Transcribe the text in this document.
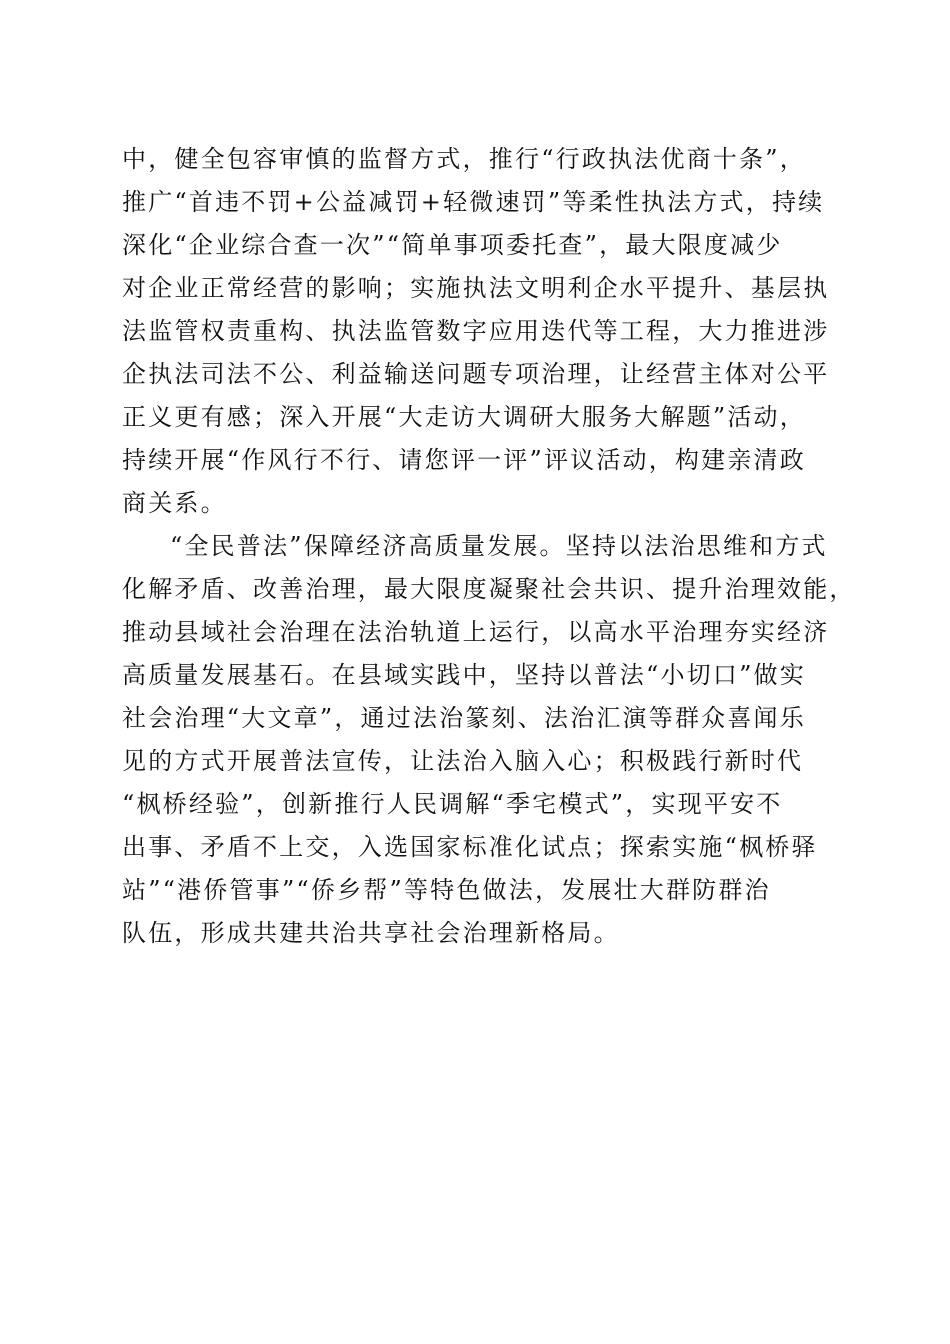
中，健全包容审慎的监督方式，推行“行政执法优商十条”，
推广“首违不罚+公益减罚+轻微速罚”等柔性执法方式，持续
深化“企业综合查一次”“简单事项委托查”，最大限度减少
对企业正常经营的影响；实施执法文明利企水平提升、基层执
法监管权责重构、执法监管数字应用迭代等工程，大力推进涉
企执法司法不公、利益输送问题专项治理，让经营主体对公平
正义更有感；深入开展“大走访大调研大服务大解题”活动，
持续开展“作风行不行、请您评一评”评议活动，构建亲清政
商关系。
“全民普法”保障经济高质量发展。坚持以法治思维和方式
化解矛盾、改善治理，最大限度凝聚社会共识、提升治理效能，
推动县域社会治理在法治轨道上运行，以高水平治理夯实经济
高质量发展基石。在县域实践中，坚持以普法“小切口”做实
社会治理“大文章”，通过法治篆刻、法治汇演等群众喜闻乐
见的方式开展普法宣传，让法治入脑入心；积极践行新时代
“枫桥经验”，创新推行人民调解“季宅模式”，实现平安不
出事、矛盾不上交，入选国家标准化试点；探索实施“枫桥驿
站”“港侨管事”“侨乡帮”等特色做法，发展壮大群防群治
队伍，形成共建共治共享社会治理新格局。
